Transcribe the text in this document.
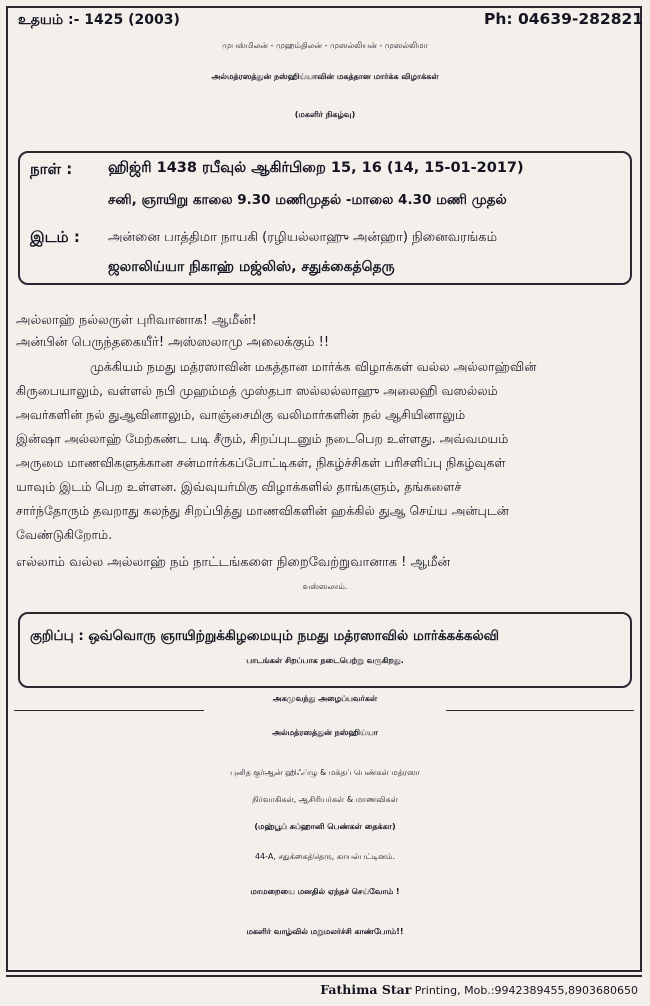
உதயம் :- 1425 (2003)	Ph: 04639-282821
முபஸ்மிலன் - முஹம்திலன் - முஸல்லியன் - முஸல்லிமா
அல்மத்ரஸத்துன் நஸ்ஹிய்யாவின் மகத்தான மார்க்க விழாக்கள்
(மகளிர் நிகழ்வு)
நாள் : ஹிஜ்ரி 1438 ரபீவுல் ஆகிர்பிறை 15, 16 (14, 15-01-2017)
சனி, ஞாயிறு காலை 9.30 மணிமுதல் -மாலை 4.30 மணி முதல்
இடம் : அன்னை பாத்திமா நாயகி (ரழியல்லாஹு அன்ஹா) நினைவரங்கம்
ஜலாலிய்யா நிகாஹ் மஜ்லிஸ், சதுக்கைத்தெரு
அல்லாஹ் நல்லருள் புரிவானாக! ஆமீன்!
அன்பின் பெருந்தகையீர்! அஸ்ஸலாமு அலைக்கும் !!
முக்கியம் நமது மத்ரஸாவின் மகத்தான மார்க்க விழாக்கள் வல்ல அல்லாஹ்வின்
கிருபையாலும், வள்ளல் நபி முஹம்மத் முஸ்தபா ஸல்லல்லாஹு அலைஹி வஸல்லம்
அவர்களின் நல் துஆவினாலும், வாஞ்சைமிகு வலிமார்களின் நல் ஆசியினாலும்
இன்ஷா அல்லாஹ் மேற்கண்ட படி சீரும், சிறப்புடனும் நடைபெற உள்ளது. அவ்வமயம்
அருமை மாணவிகளுக்கான சன்மார்க்கப்போட்டிகள், நிகழ்ச்சிகள் பரிசளிப்பு நிகழ்வுகள்
யாவும் இடம் பெற உள்ளன. இவ்வுயர்மிகு விழாக்களில் தாங்களும், தங்களைச்
சார்ந்தோரும் தவறாது கலந்து சிறப்பித்து மாணவிகளின் ஹக்கில் துஆ செய்ய அன்புடன்
வேண்டுகிறோம்.
எல்லாம் வல்ல அல்லாஹ் நம் நாட்டங்களை நிறைவேற்றுவானாக ! ஆமீன்
வஸ்ஸலாம்.
குறிப்பு : ஒவ்வொரு ஞாயிற்றுக்கிழமையும் நமது மத்ரஸாவில் மார்க்கக்கல்வி
பாடங்கள் சிறப்பாக நடைபெற்று வருகிறது.
அகமுவந்து அழைப்பவர்கள்
அல்மத்ரஸத்துன் நஸ்ஹிய்யா
புனித குர்ஆன் ஹிஃப்ழு & மக்தப் பெண்கள் மத்ரஸா
நிர்வாகிகள், ஆசிரியர்கள் & மாணவிகள்
(மஹ்பூப் சுப்ஹானி பெண்கள் தைக்கா)
44-A, சதுக்கைத்தெரு, காயல்பட்டினம்.
மாமறையை மனதில் ஏந்தச் செய்வோம் !
மகளிர் வாழ்வில் மறுமலர்ச்சி காண்போம்!!
Fathima Star Printing, Mob.:9942389455,8903680650
